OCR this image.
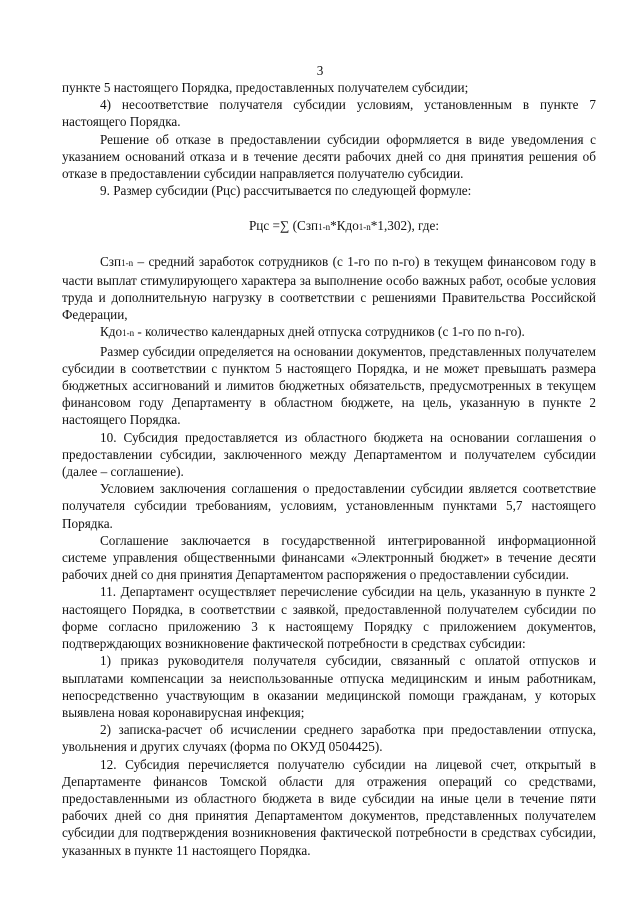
3

пункте 5 настоящего Порядка, предоставленных получателем субсидии;

4) несоответствие получателя субсидии условиям, установленным в пункте 7 настоящего Порядка.

Решение об отказе в предоставлении субсидии оформляется в виде уведомления с указанием оснований отказа и в течение десяти рабочих дней со дня принятия решения об отказе в предоставлении субсидии направляется получателю субсидии.

9. Размер субсидии (Рцс) рассчитывается по следующей формуле:

Рцс =∑ (Сзп1-n*Кдо1-n*1,302), где:

Сзп1-n – средний заработок сотрудников (с 1-го по n-го) в текущем финансовом году в части выплат стимулирующего характера за выполнение особо важных работ, особые условия труда и дополнительную нагрузку в соответствии с решениями Правительства Российской Федерации,

Кдо1-n - количество календарных дней отпуска сотрудников (с 1-го по n-го).

Размер субсидии определяется на основании документов, представленных получателем субсидии в соответствии с пунктом 5 настоящего Порядка, и не может превышать размера бюджетных ассигнований и лимитов бюджетных обязательств, предусмотренных в текущем финансовом году Департаменту в областном бюджете, на цель, указанную в пункте 2 настоящего Порядка.

10. Субсидия предоставляется из областного бюджета на основании соглашения о предоставлении субсидии, заключенного между Департаментом и получателем субсидии (далее – соглашение).

Условием заключения соглашения о предоставлении субсидии является соответствие получателя субсидии требованиям, условиям, установленным пунктами 5,7 настоящего Порядка.

Соглашение заключается в государственной интегрированной информационной системе управления общественными финансами «Электронный бюджет» в течение десяти рабочих дней со дня принятия Департаментом распоряжения о предоставлении субсидии.

11. Департамент осуществляет перечисление субсидии на цель, указанную в пункте 2 настоящего Порядка, в соответствии с заявкой, предоставленной получателем субсидии по форме согласно приложению 3 к настоящему Порядку с приложением документов, подтверждающих возникновение фактической потребности в средствах субсидии:

1) приказ руководителя получателя субсидии, связанный с оплатой отпусков и выплатами компенсации за неиспользованные отпуска медицинским и иным работникам, непосредственно участвующим в оказании медицинской помощи гражданам, у которых выявлена новая коронавирусная инфекция;

2) записка-расчет об исчислении среднего заработка при предоставлении отпуска, увольнения и других случаях (форма по ОКУД 0504425).

12. Субсидия перечисляется получателю субсидии на лицевой счет, открытый в Департаменте финансов Томской области для отражения операций со средствами, предоставленными из областного бюджета в виде субсидии на иные цели в течение пяти рабочих дней со дня принятия Департаментом документов, представленных получателем субсидии для подтверждения возникновения фактической потребности в средствах субсидии, указанных в пункте 11 настоящего Порядка.
